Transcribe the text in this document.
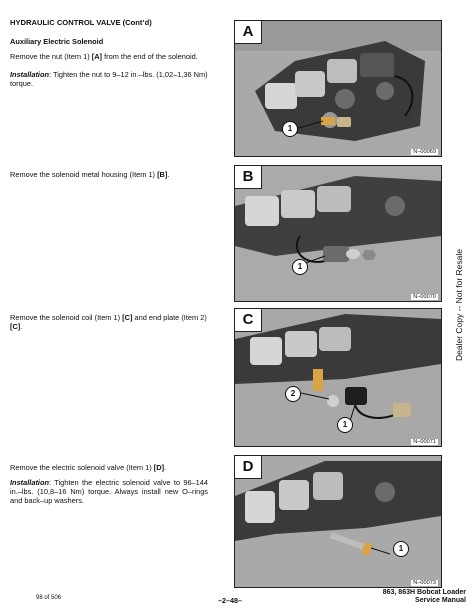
HYDRAULIC CONTROL VALVE (Cont’d)
Auxiliary Electric Solenoid
Remove the nut (Item 1) [A] from the end of the solenoid.
Installation: Tighten the nut to 9–12 in.–lbs. (1,02–1,36 Nm) torque.
Remove the solenoid metal housing (Item 1) [B].
Remove the solenoid coil (Item 1) [C] and end plate (Item 2) [C].
Remove the electric solenoid valve (Item 1) [D].
Installation: Tighten the electric solenoid valve to 96–144 in.–lbs. (10,8–16 Nm) torque. Always install new O–rings and back–up washers.
A
1
N–00069
B
1
N–00070
C
2
1
N–00071
D
1
N–00073
Dealer Copy -- Not for Resale
98 of 506	–2–48–
863, 863H Bobcat Loader
Service Manual
